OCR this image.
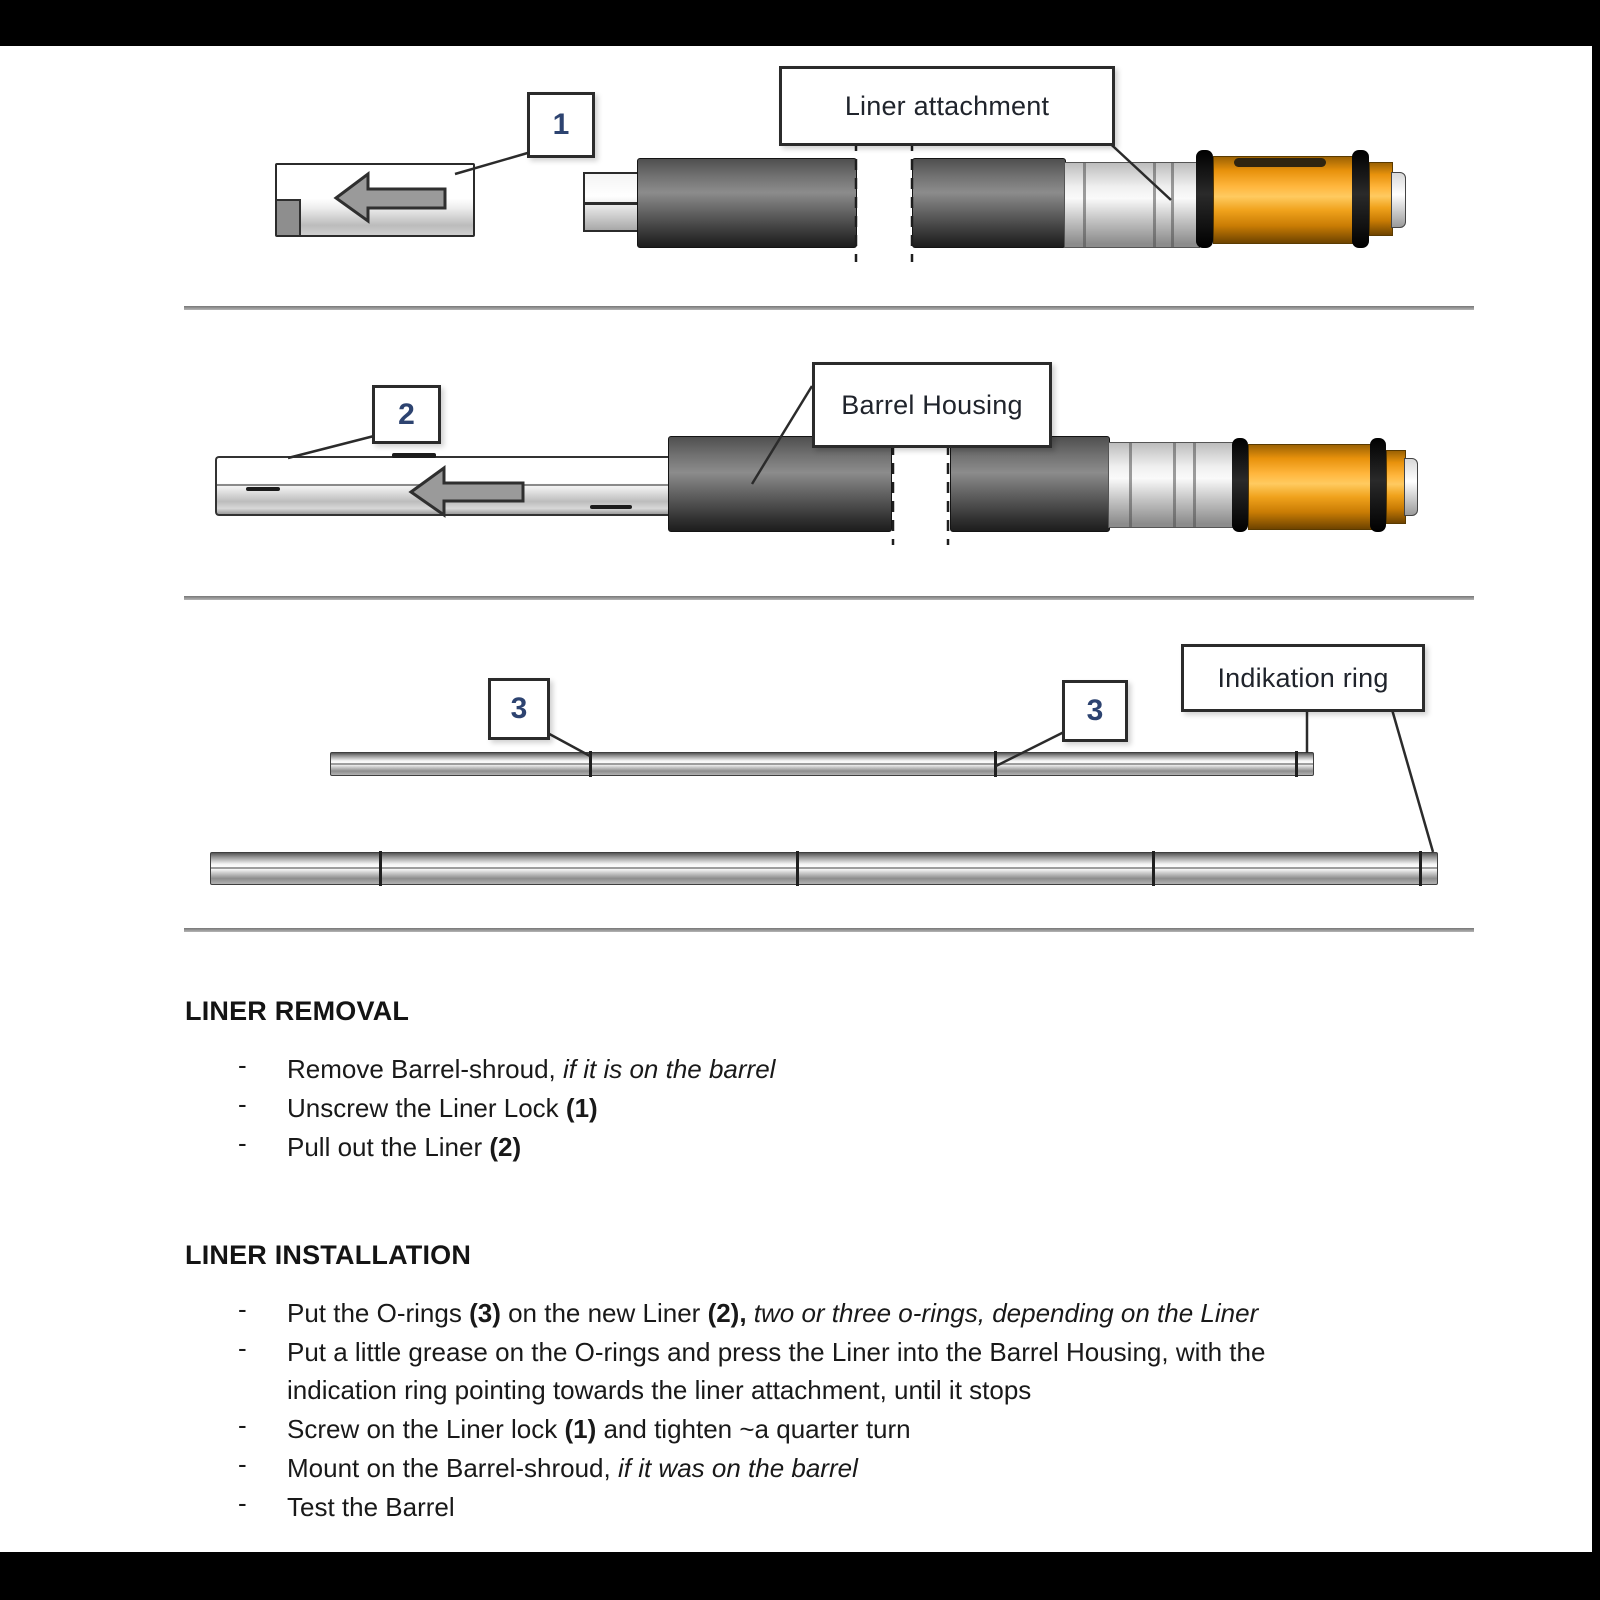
1
Liner attachment
2	Barrel Housing
3	3
Indikation ring
LINER REMOVAL
-	Remove Barrel-shroud, if it is on the barrel
-	Unscrew the Liner Lock (1)
-	Pull out the Liner (2)
LINER INSTALLATION
-	Put the O-rings (3) on the new Liner (2), two or three o-rings, depending on the Liner
-	Put a little grease on the O-rings and press the Liner into the Barrel Housing, with the
indication ring pointing towards the liner attachment, until it stops
-	Screw on the Liner lock (1) and tighten ~a quarter turn
-	Mount on the Barrel-shroud, if it was on the barrel
-	Test the Barrel
